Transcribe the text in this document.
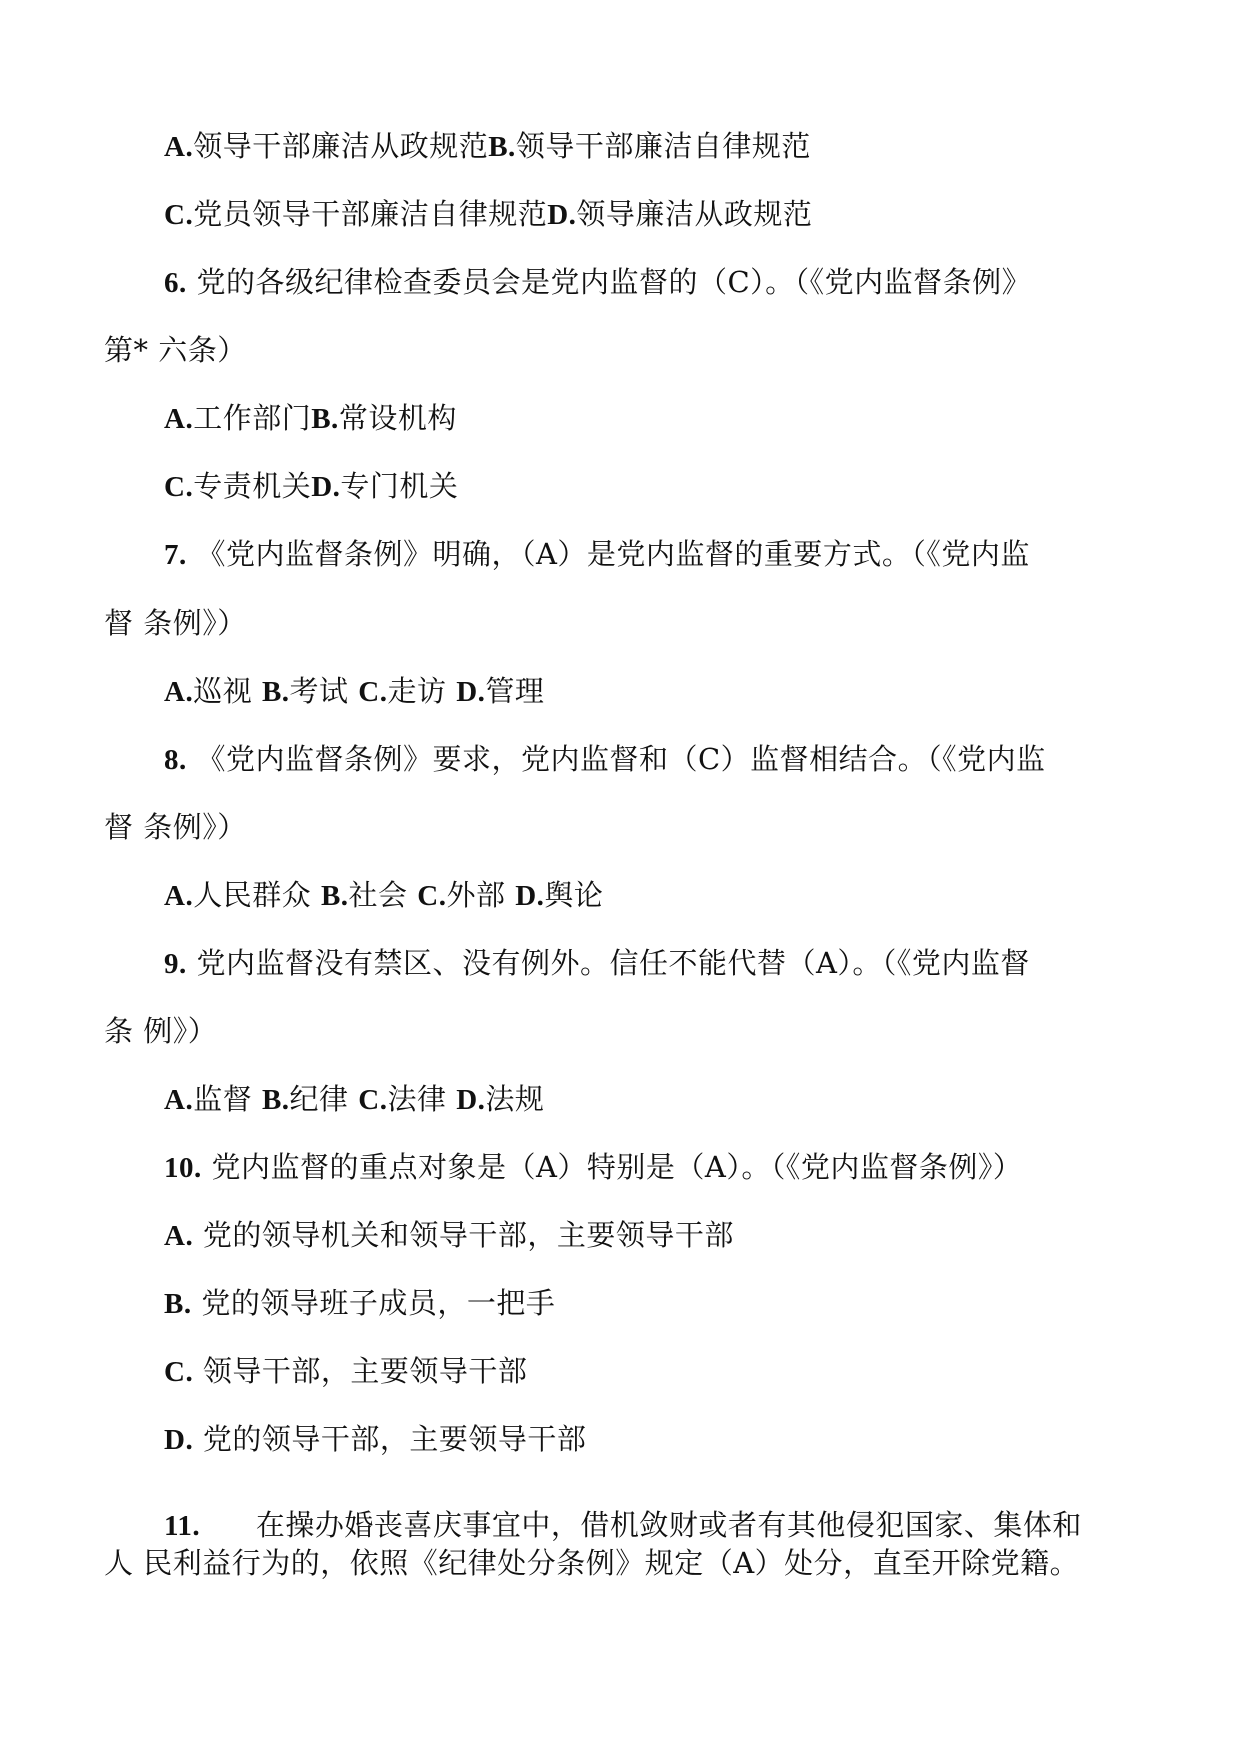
A.领导干部廉洁从政规范B.领导干部廉洁自律规范
C.党员领导干部廉洁自律规范D.领导廉洁从政规范
6. 党的各级纪律检查委员会是党内监督的（C）。（《党内监督条例》
第* 六条）
A.工作部门B.常设机构
C.专责机关D.专门机关
7. 《党内监督条例》明确，（A）是党内监督的重要方式。（《党内监
督 条例》）
A.巡视 B.考试 C.走访 D.管理
8. 《党内监督条例》要求，党内监督和（C）监督相结合。（《党内监
督 条例》）
A.人民群众 B.社会 C.外部 D.舆论
9. 党内监督没有禁区、没有例外。信任不能代替（A）。（《党内监督
条 例》）
A.监督 B.纪律 C.法律 D.法规
10. 党内监督的重点对象是（A）特别是（A）。（《党内监督条例》）
A. 党的领导机关和领导干部，主要领导干部
B. 党的领导班子成员，一把手
C. 领导干部，主要领导干部
D. 党的领导干部，主要领导干部
11. 在操办婚丧喜庆事宜中，借机敛财或者有其他侵犯国家、集体和
人 民利益行为的，依照《纪律处分条例》规定（A）处分，直至开除党籍。
